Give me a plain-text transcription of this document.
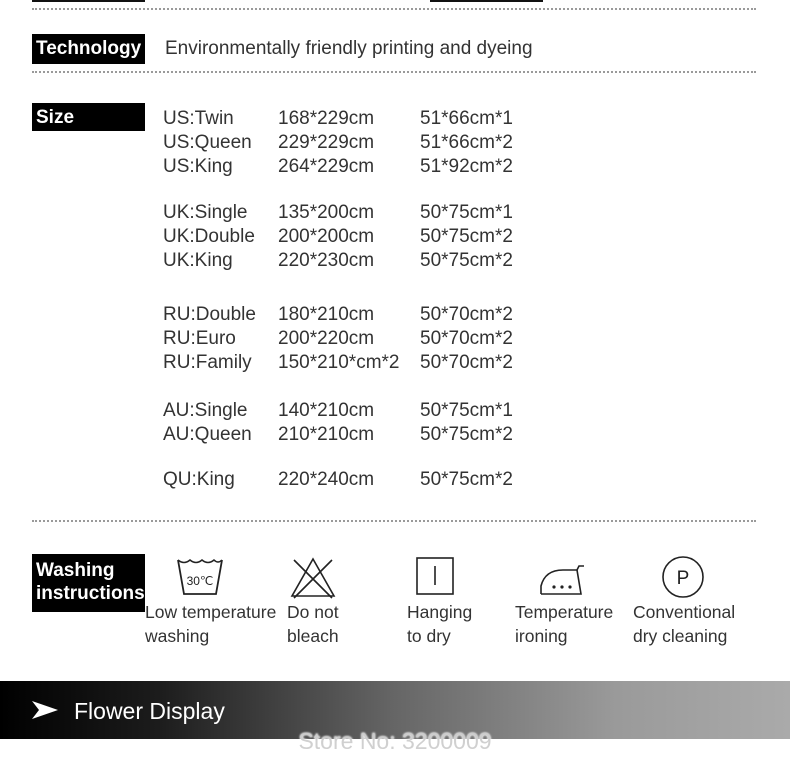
Technology Environmentally friendly printing and dyeing
Size	US:Twin 168*229cm 51*66cm*1
US:Queen 229*229cm 51*66cm*2
US:King 264*229cm 51*92cm*2
UK:Single 135*200cm 50*75cm*1
UK:Double 200*200cm 50*75cm*2
UK:King 220*230cm 50*75cm*2
RU:Double 180*210cm 50*70cm*2
RU:Euro 200*220cm 50*70cm*2
RU:Family 150*210*cm*2 50*70cm*2
AU:Single 140*210cm 50*75cm*1
AU:Queen 210*210cm 50*75cm*2
QU:King 220*240cm 50*75cm*2
Washing
instructions
30℃
Low temperature
washing
Do not
bleach
Hanging
to dry
Temperature
ironing
P
Conventional
dry cleaning
Flower Display
Store No: 3200009
